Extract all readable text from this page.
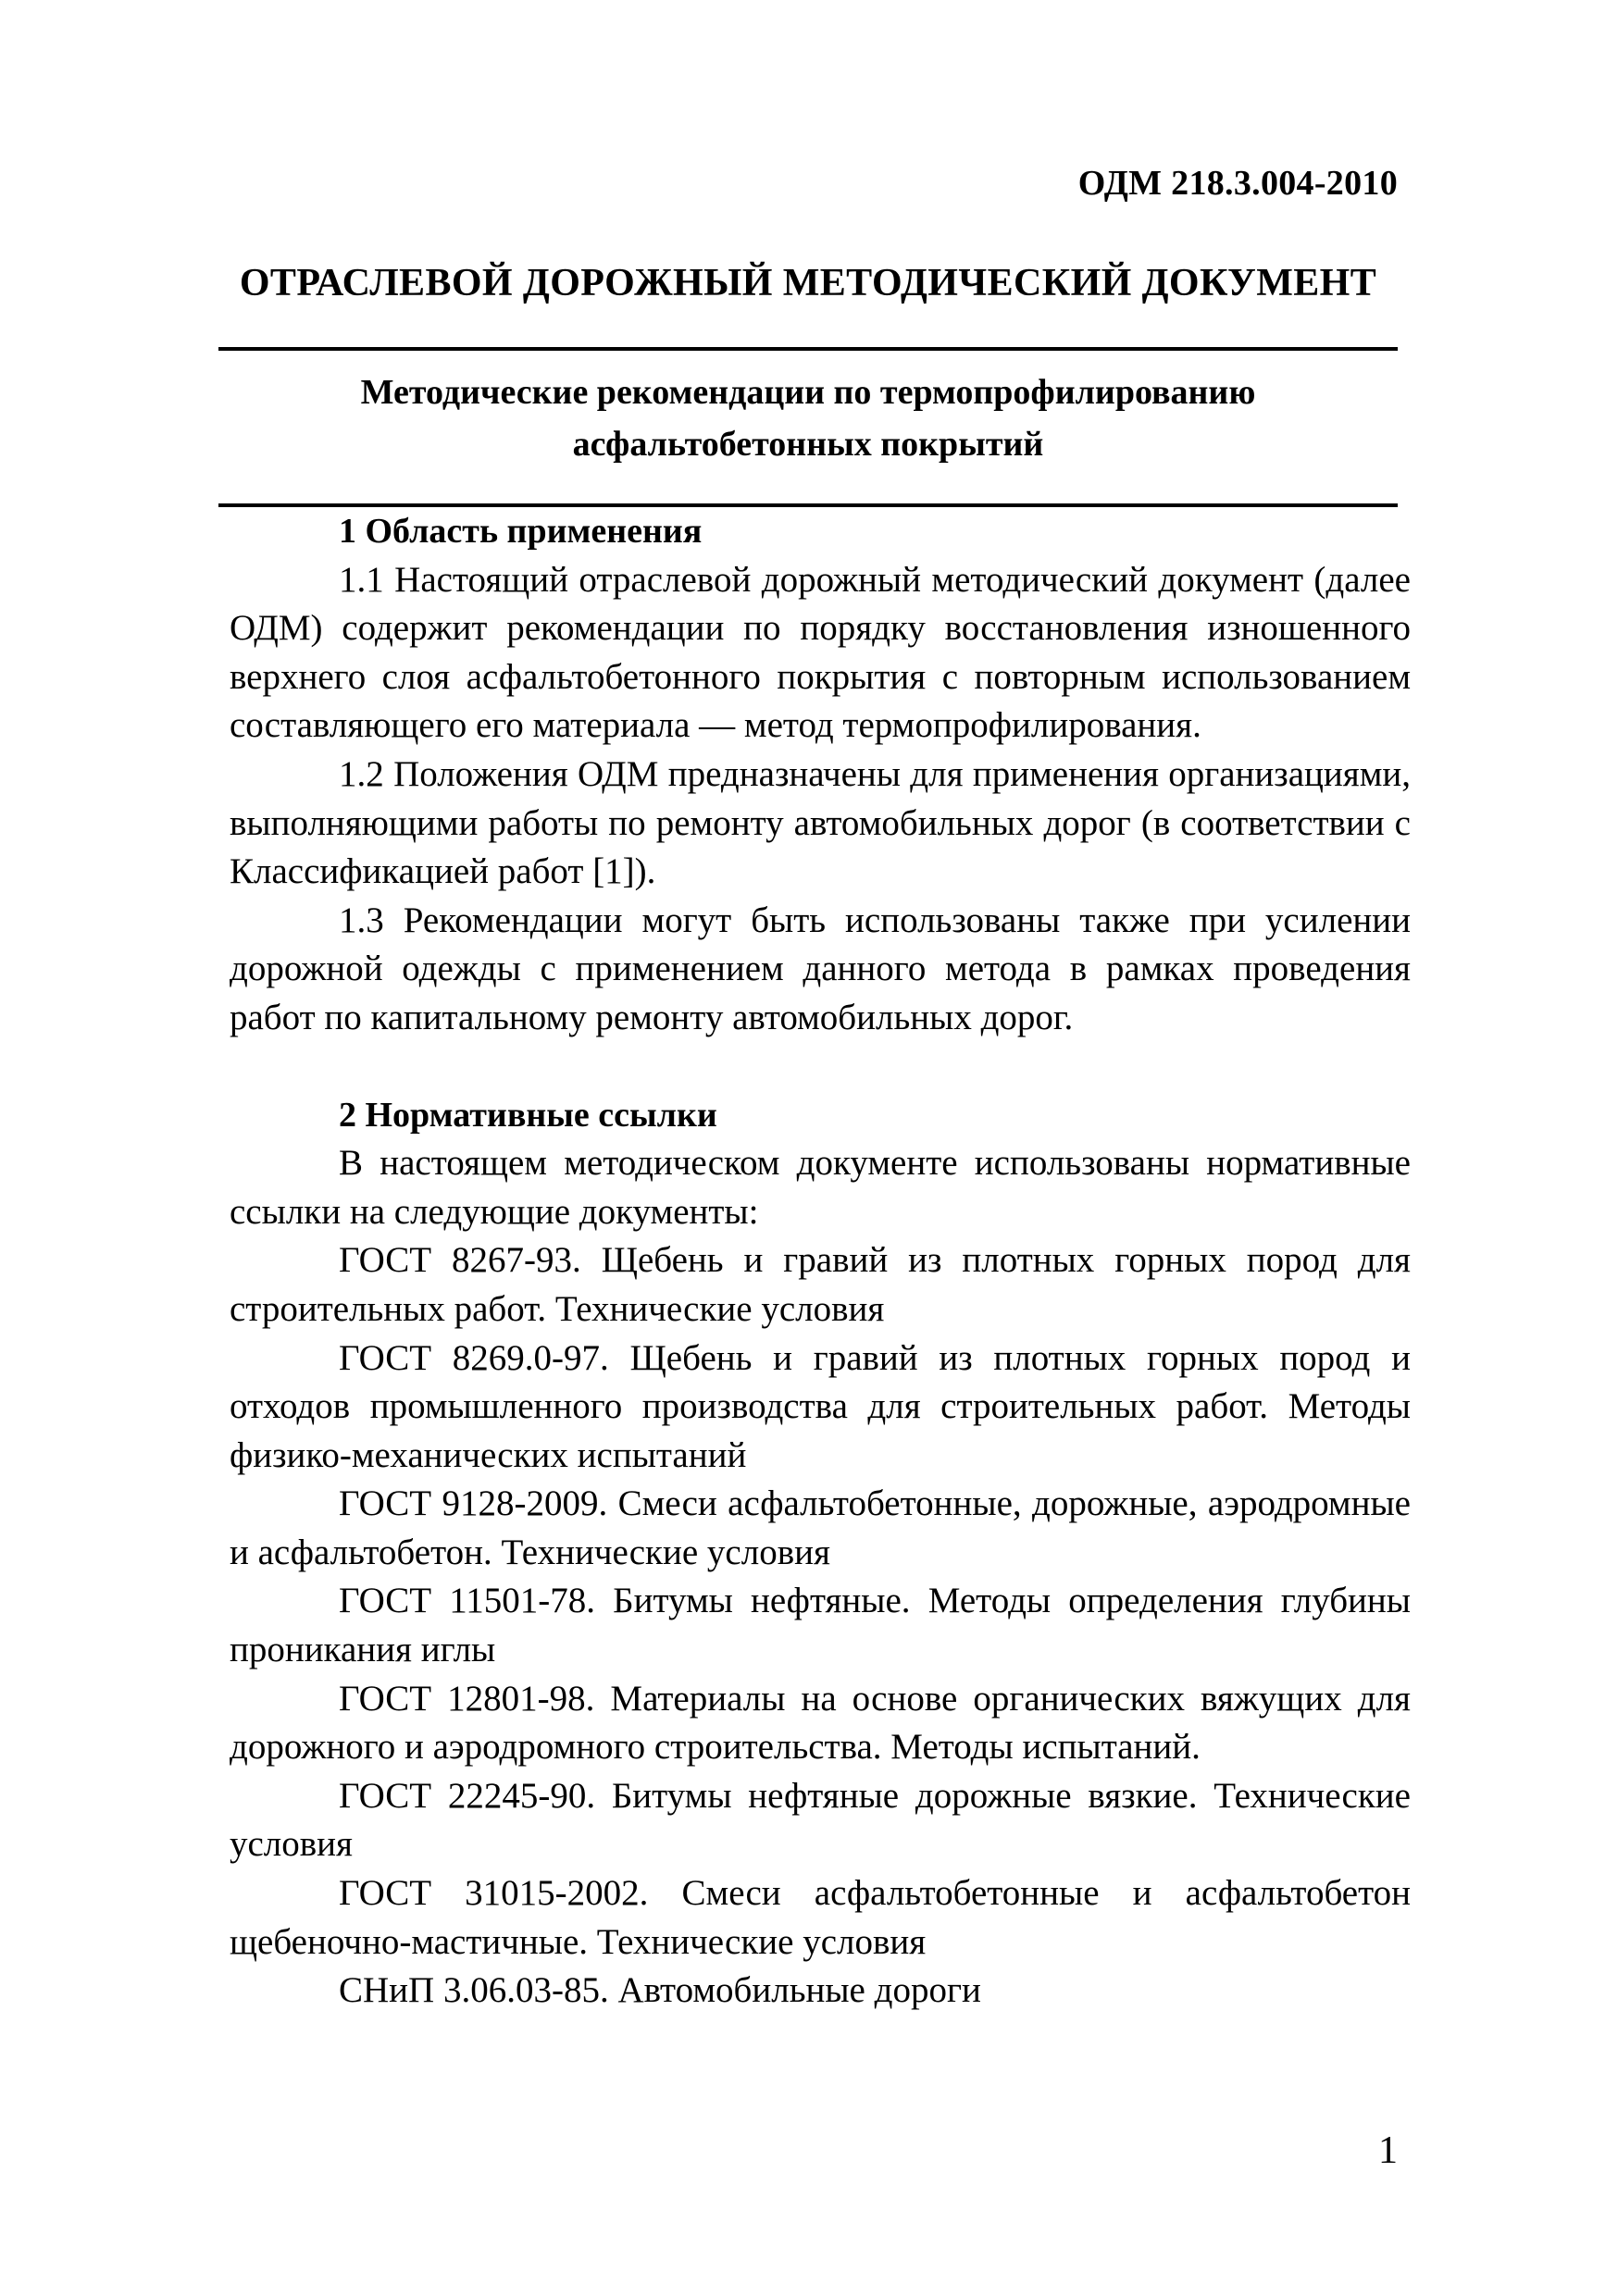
ОДМ 218.3.004-2010
ОТРАСЛЕВОЙ ДОРОЖНЫЙ МЕТОДИЧЕСКИЙ ДОКУМЕНТ
Методические рекомендации по термопрофилированию
асфальтобетонных покрытий
1 Область применения

1.1 Настоящий отраслевой дорожный методический документ (далее ОДМ) содержит рекомендации по порядку восстановления изношенного верхнего слоя асфальтобетонного покрытия с повторным использованием составляющего его материала — метод термопрофилирования.

1.2 Положения ОДМ предназначены для применения организациями, выполняющими работы по ремонту автомобильных дорог (в соответствии с Классификацией работ [1]).

1.3 Рекомендации могут быть использованы также при усилении дорожной одежды с применением данного метода в рамках проведения работ по капитальному ремонту автомобильных дорог.

2 Нормативные ссылки

В настоящем методическом документе использованы нормативные ссылки на следующие документы:

ГОСТ 8267-93. Щебень и гравий из плотных горных пород для строительных работ. Технические условия

ГОСТ 8269.0-97. Щебень и гравий из плотных горных пород и отходов промышленного производства для строительных работ. Методы физико-механических испытаний

ГОСТ 9128-2009. Смеси асфальтобетонные, дорожные, аэродромные и асфальтобетон. Технические условия

ГОСТ 11501-78. Битумы нефтяные. Методы определения глубины проникания иглы

ГОСТ 12801-98. Материалы на основе органических вяжущих для дорожного и аэродромного строительства. Методы испытаний.

ГОСТ 22245-90. Битумы нефтяные дорожные вязкие. Технические условия

ГОСТ 31015-2002. Смеси асфальтобетонные и асфальтобетон щебеночно-мастичные. Технические условия

СНиП 3.06.03-85. Автомобильные дороги

1
